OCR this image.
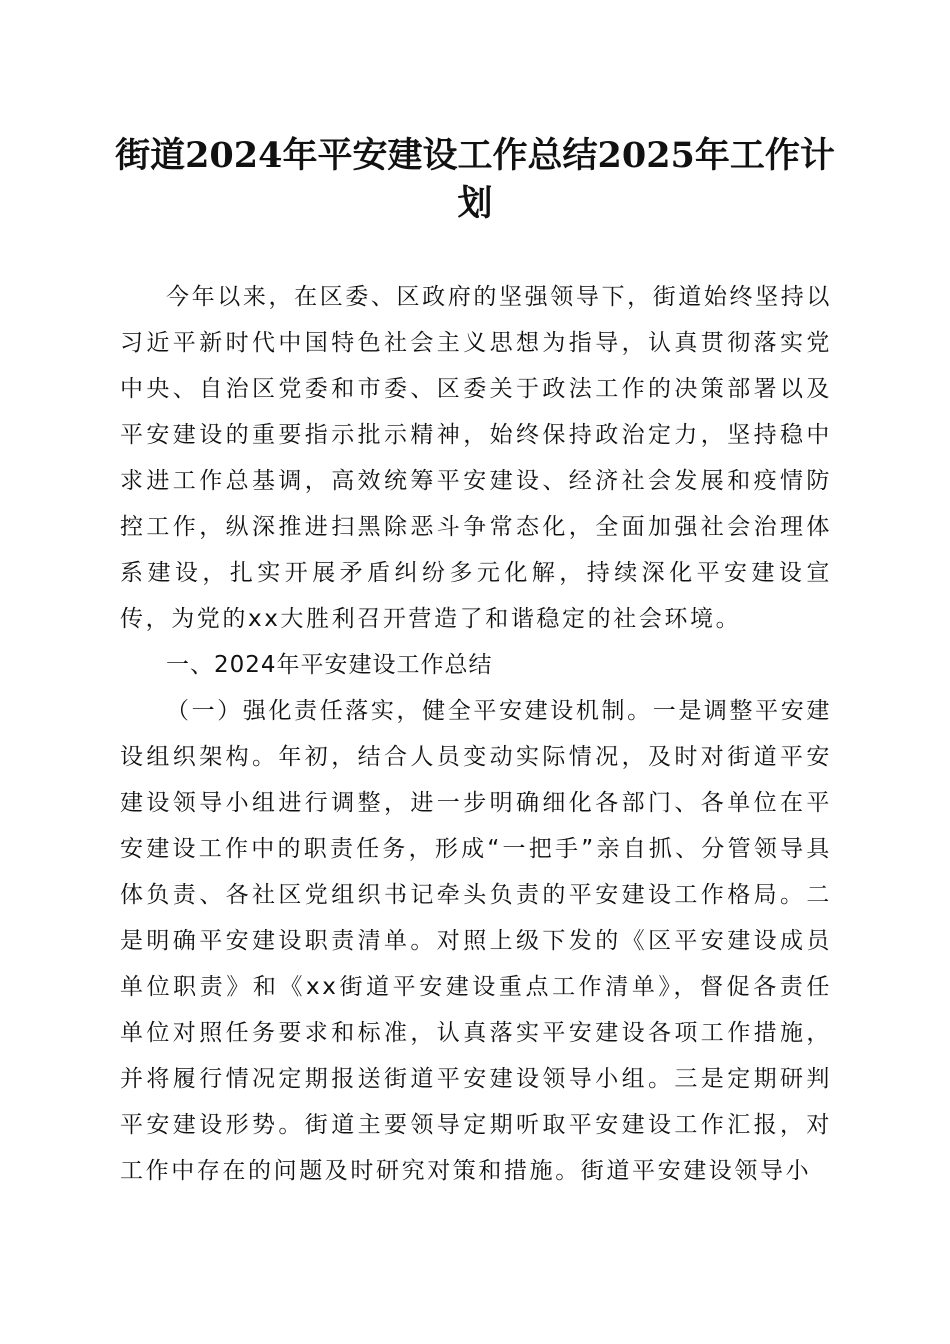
街道2024年平安建设工作总结2025年工作计划

今年以来，在区委、区政府的坚强领导下，街道始终坚持以习近平新时代中国特色社会主义思想为指导，认真贯彻落实党中央、自治区党委和市委、区委关于政法工作的决策部署以及平安建设的重要指示批示精神，始终保持政治定力，坚持稳中求进工作总基调，高效统筹平安建设、经济社会发展和疫情防控工作，纵深推进扫黑除恶斗争常态化，全面加强社会治理体系建设，扎实开展矛盾纠纷多元化解，持续深化平安建设宣传，为党的xx大胜利召开营造了和谐稳定的社会环境。

一、2024年平安建设工作总结

（一）强化责任落实，健全平安建设机制。一是调整平安建设组织架构。年初，结合人员变动实际情况，及时对街道平安建设领导小组进行调整，进一步明确细化各部门、各单位在平安建设工作中的职责任务，形成“一把手”亲自抓、分管领导具体负责、各社区党组织书记牵头负责的平安建设工作格局。二是明确平安建设职责清单。对照上级下发的《区平安建设成员单位职责》和《xx街道平安建设重点工作清单》，督促各责任单位对照任务要求和标准，认真落实平安建设各项工作措施，并将履行情况定期报送街道平安建设领导小组。三是定期研判平安建设形势。街道主要领导定期听取平安建设工作汇报，对工作中存在的问题及时研究对策和措施。街道平安建设领导小
